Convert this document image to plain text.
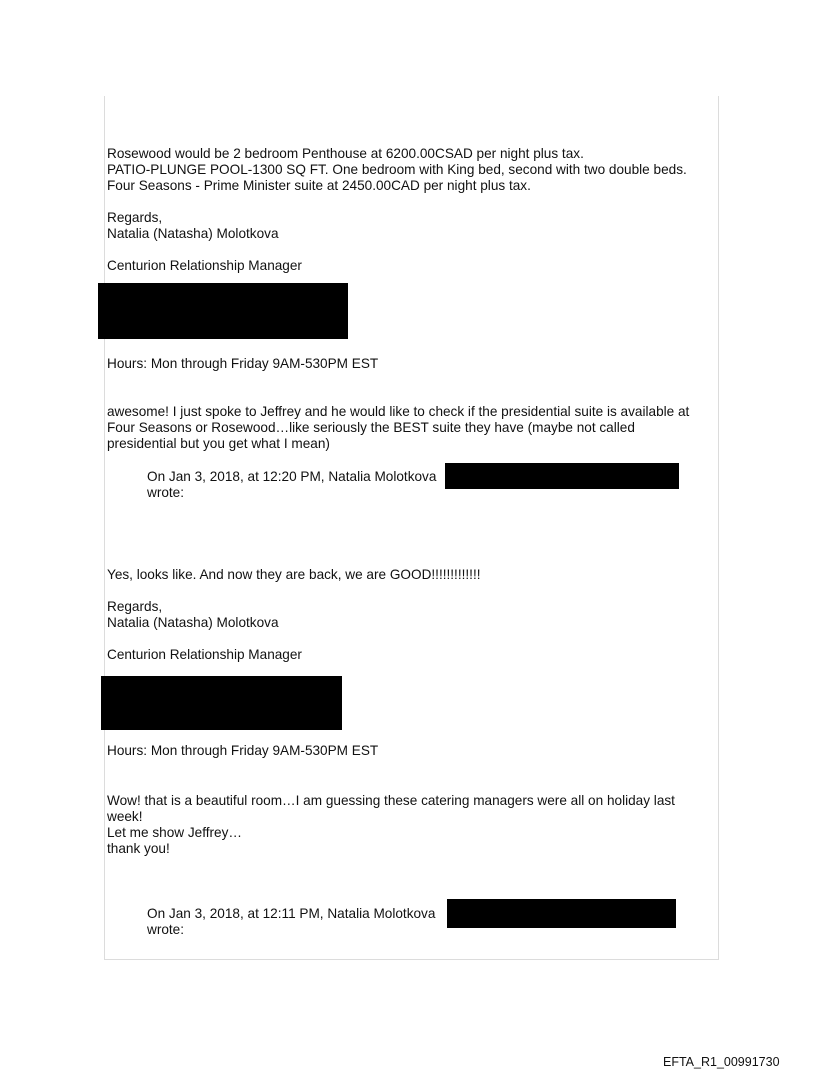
Rosewood would be 2 bedroom Penthouse at 6200.00CSAD per night plus tax.
PATIO-PLUNGE POOL-1300 SQ FT. One bedroom with King bed, second with two double beds.
Four Seasons - Prime Minister suite at 2450.00CAD per night plus tax.
Regards,
Natalia (Natasha) Molotkova
Centurion Relationship Manager
Hours: Mon through Friday 9AM-530PM EST
awesome! I just spoke to Jeffrey and he would like to check if the presidential suite is available at
Four Seasons or Rosewood…like seriously the BEST suite they have (maybe not called
presidential but you get what I mean)
On Jan 3, 2018, at 12:20 PM, Natalia Molotkova
wrote:
Yes, looks like. And now they are back, we are GOOD!!!!!!!!!!!!!
Regards,
Natalia (Natasha) Molotkova
Centurion Relationship Manager
Hours: Mon through Friday 9AM-530PM EST
Wow! that is a beautiful room…I am guessing these catering managers were all on holiday last
week!
Let me show Jeffrey…
thank you!
On Jan 3, 2018, at 12:11 PM, Natalia Molotkova
wrote:
EFTA_R1_00991730
